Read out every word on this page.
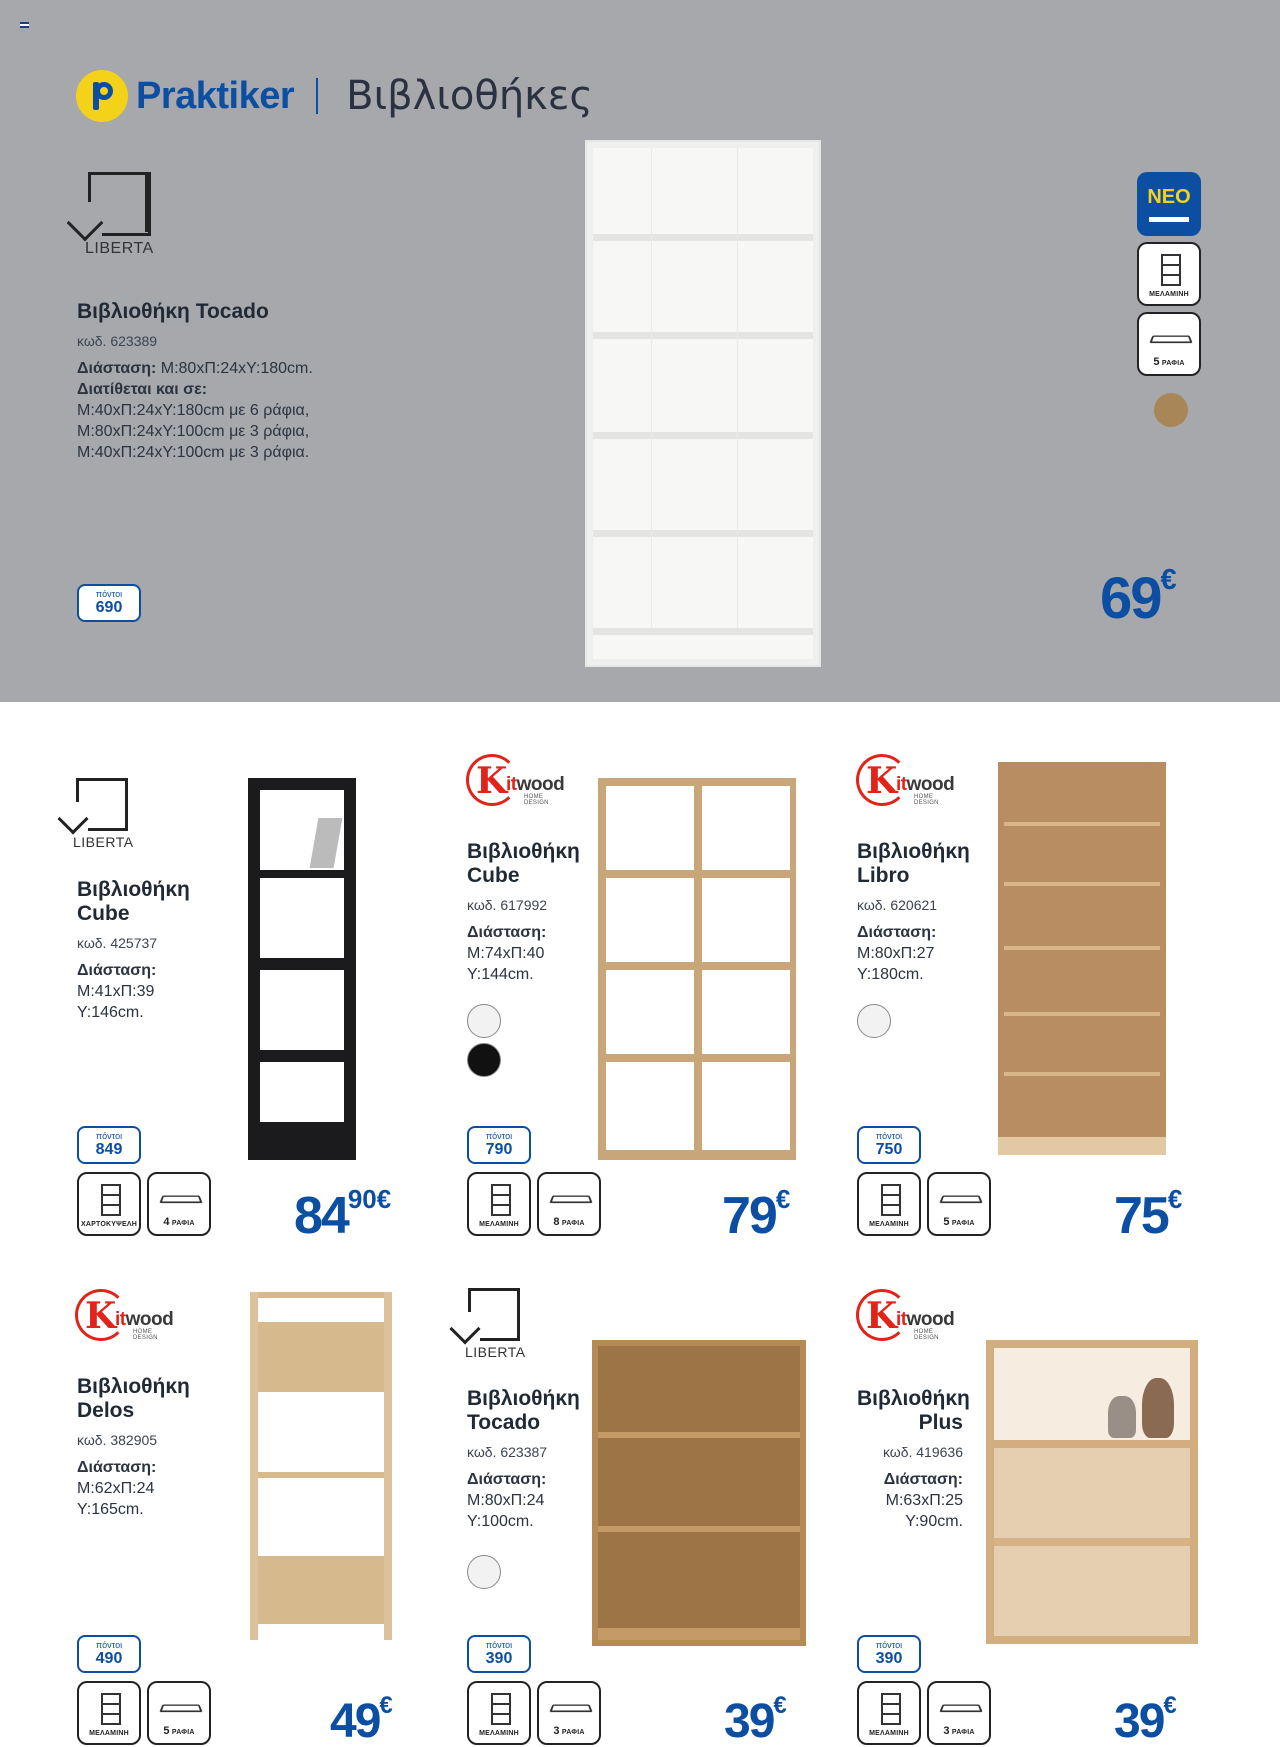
Praktiker Βιβλιοθήκες
LIBERTA
Βιβλιοθήκη Tocado
κωδ. 623389
Διάσταση: Μ:80xΠ:24xΥ:180cm.
Διατίθεται και σε:
Μ:40xΠ:24xΥ:180cm με 6 ράφια,
Μ:80xΠ:24xΥ:100cm με 3 ράφια,
Μ:40xΠ:24xΥ:100cm με 3 ράφια.
πόντοι
690
ΝΕΟ
ΜΕΛΑΜΙΝΗ
5 ΡΑΦΙΑ
69€
LIBERTA
Βιβλιοθήκη
Cube
κωδ. 425737
Διάσταση:
Μ:41xΠ:39
Υ:146cm.
πόντοι
849
ΧΑΡΤΟΚΥΨΕΛΗ	4 ΡΑΦΙΑ $84^{90€}$
K
itwood
HOME DESIGN
Βιβλιοθήκη
Cube
κωδ. 617992
Διάσταση:
Μ:74xΠ:40
Υ:144cm.
πόντοι
790
ΜΕΛΑΜΙΝΗ	8 ΡΑΦΙΑ	79€
K
itwood
HOME DESIGN
Βιβλιοθήκη
Libro
κωδ. 620621
Διάσταση:
Μ:80xΠ:27
Υ:180cm.
πόντοι
750
ΜΕΛΑΜΙΝΗ	5 ΡΑΦΙΑ	75€
K
itwood
HOME DESIGN
Βιβλιοθήκη
Delos
κωδ. 382905
Διάσταση:
Μ:62xΠ:24
Υ:165cm.
πόντοι
490
ΜΕΛΑΜΙΝΗ	5 ΡΑΦΙΑ	49€
LIBERTA
Βιβλιοθήκη
Tocado
κωδ. 623387
Διάσταση:
Μ:80xΠ:24
Υ:100cm.
πόντοι
390
ΜΕΛΑΜΙΝΗ	3 ΡΑΦΙΑ	39€
K
itwood
HOME DESIGN
Βιβλιοθήκη
Plus
κωδ. 419636
Διάσταση:
Μ:63xΠ:25
Υ:90cm.
πόντοι
390
ΜΕΛΑΜΙΝΗ	3 ΡΑΦΙΑ	39€
